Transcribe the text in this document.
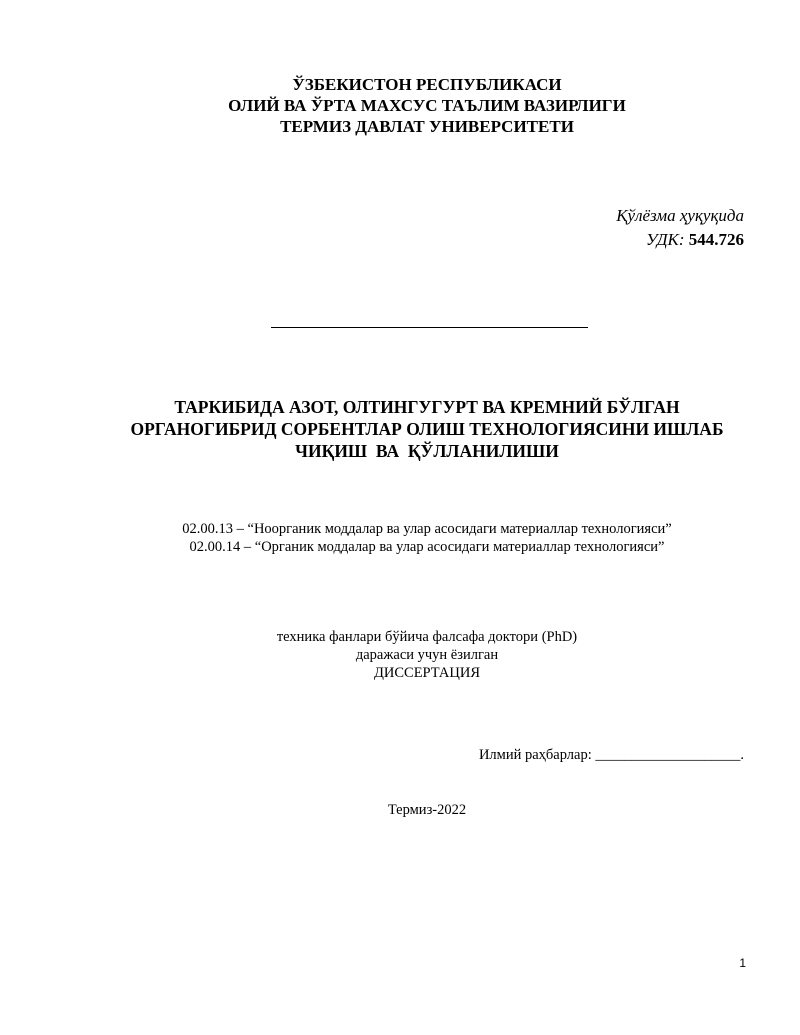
ЎЗБЕКИСТОН РЕСПУБЛИКАСИ
ОЛИЙ ВА ЎРТА МАХСУС ТАЪЛИМ ВАЗИРЛИГИ
ТЕРМИЗ ДАВЛАТ УНИВЕРСИТЕТИ
Қўлёзма ҳуқуқида
УДК: 544.726
ТАРКИБИДА АЗОТ, ОЛТИНГУГУРТ ВА КРЕМНИЙ БЎЛГАН
ОРГАНОГИБРИД СОРБЕНТЛАР ОЛИШ ТЕХНОЛОГИЯСИНИ ИШЛАБ
ЧИҚИШ  ВА  ҚЎЛЛАНИЛИШИ
02.00.13 – “Ноорганик моддалар ва улар асосидаги материаллар технологияси”
02.00.14 – “Органик моддалар ва улар асосидаги материаллар технологияси”
техника фанлари бўйича фалсафа доктори (PhD)
даражаси учун ёзилган
ДИССЕРТАЦИЯ
Илмий раҳбарлар: ____________________.
Термиз-2022
1
